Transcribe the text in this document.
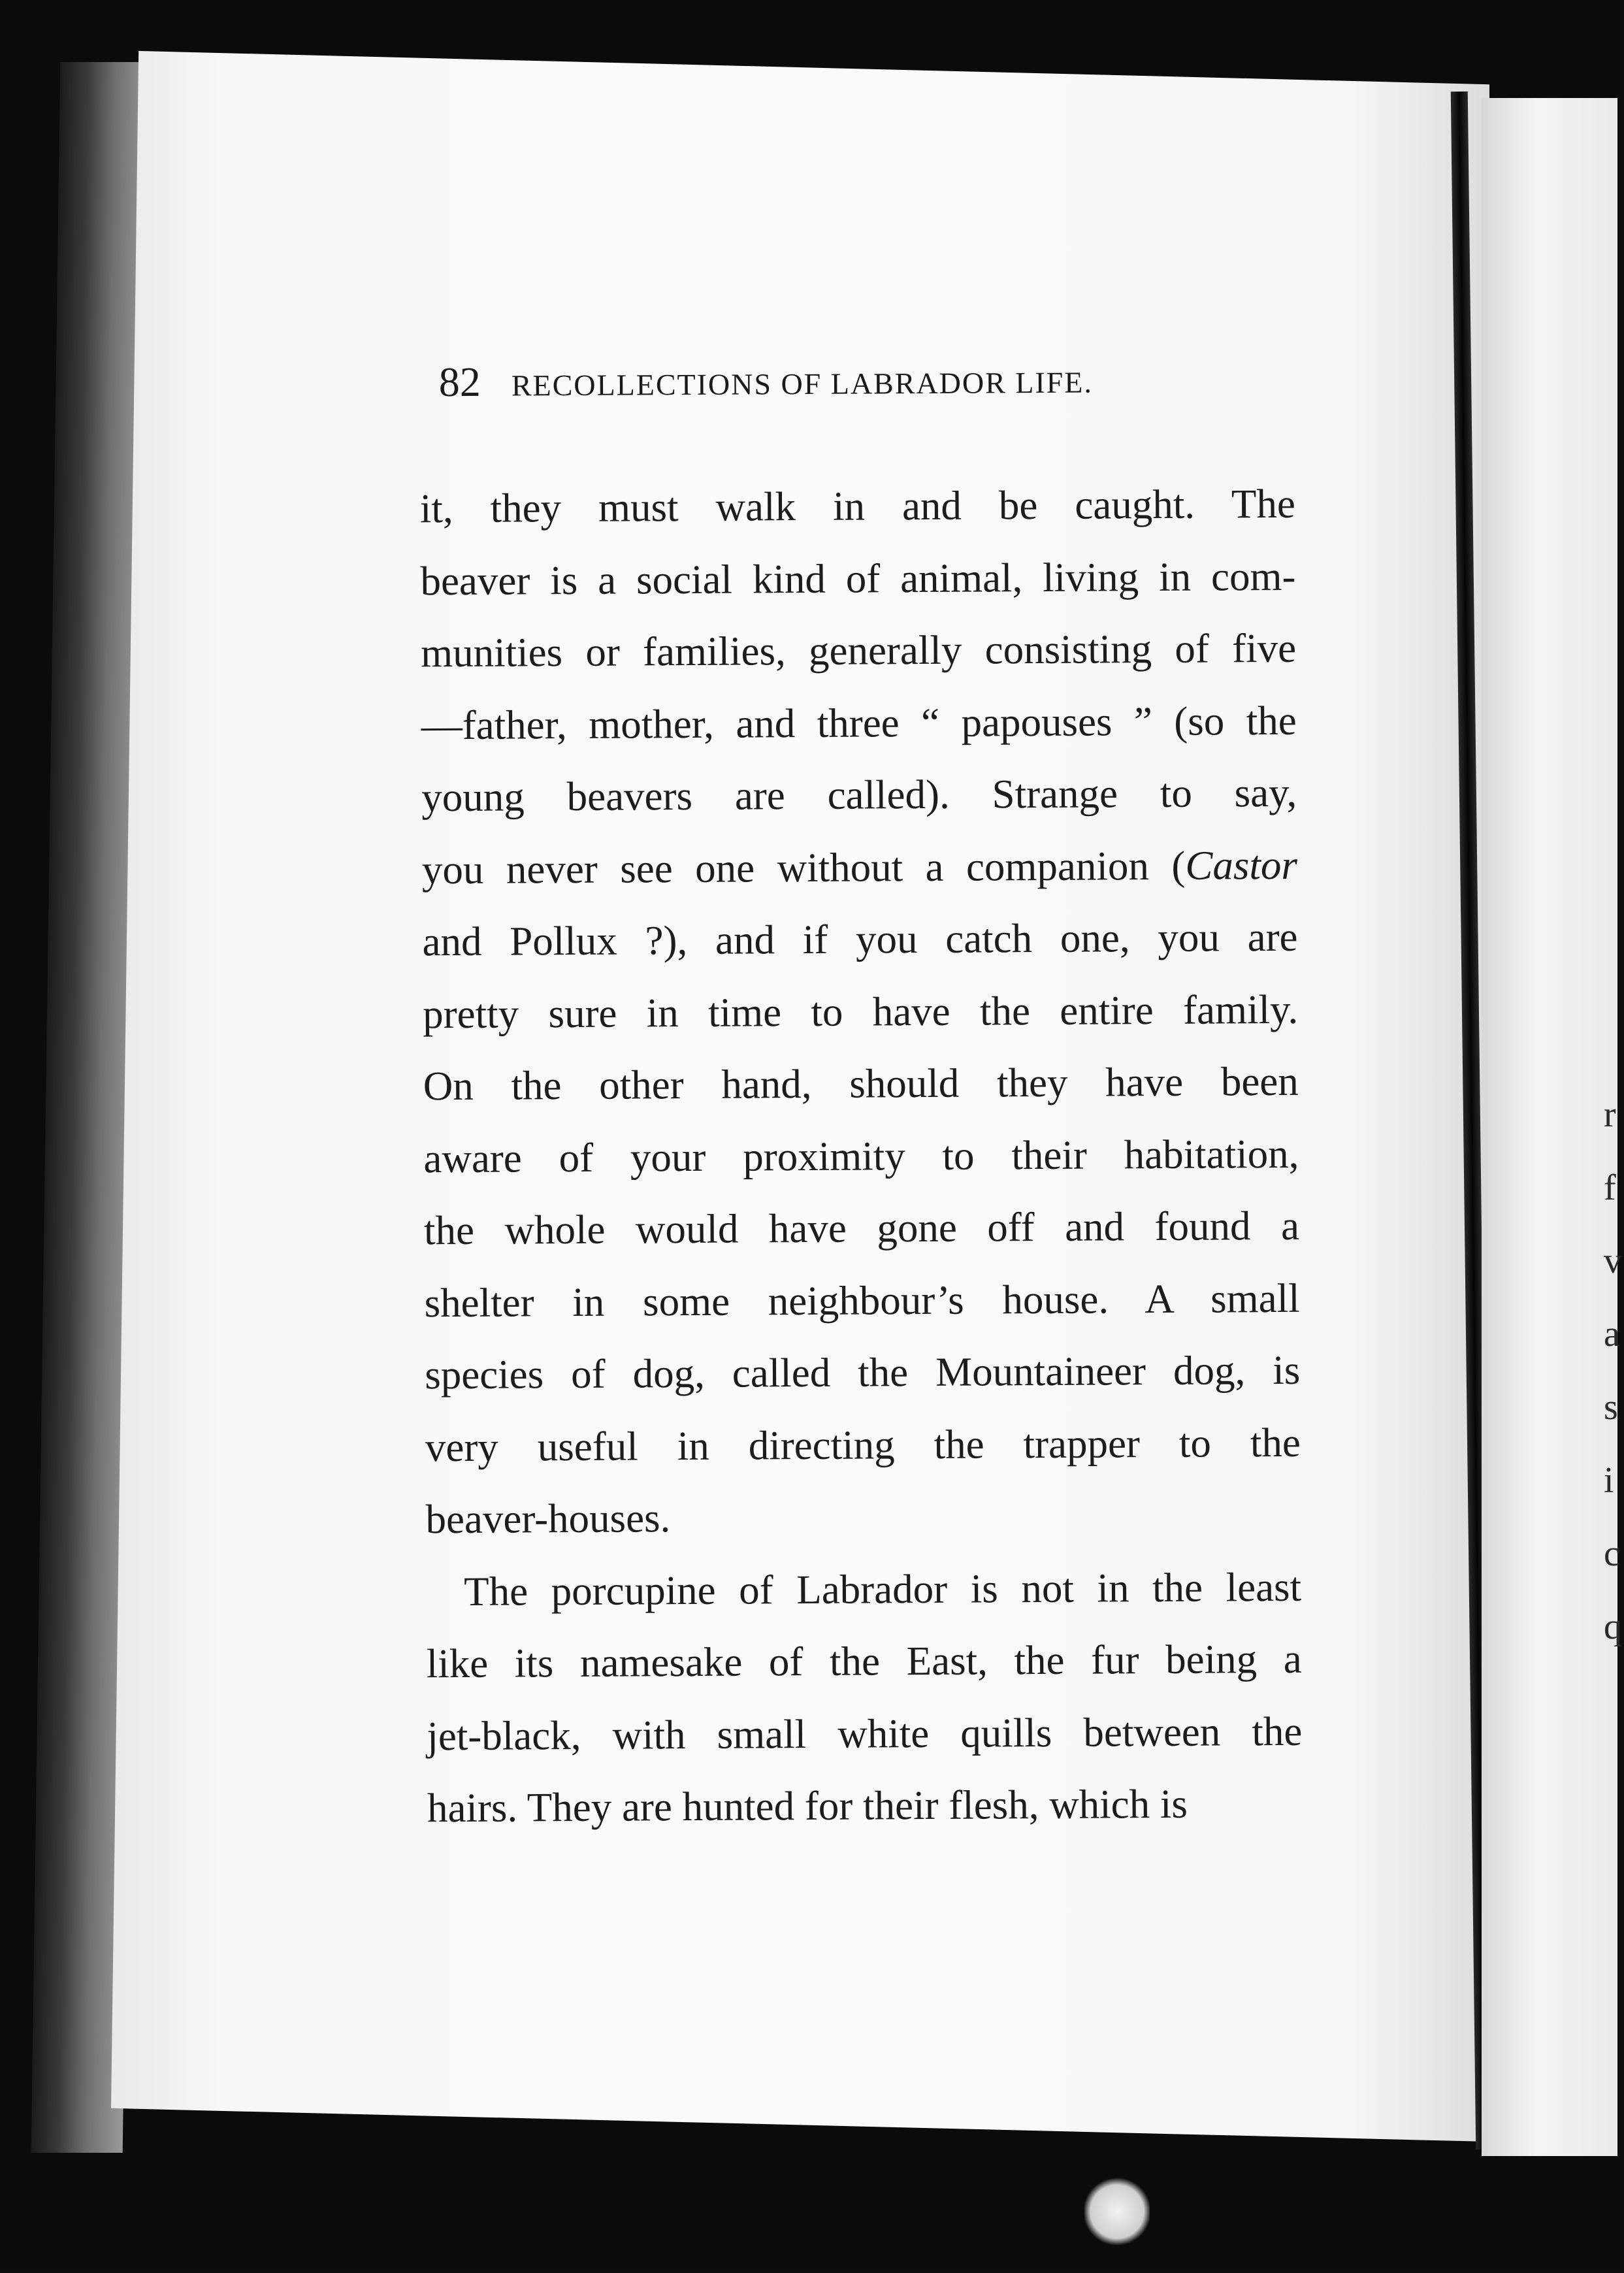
r
f
v
a
s
i
c
q
82 RECOLLECTIONS OF LABRADOR LIFE.
it, they must walk in and be caught. The
beaver is a social kind of animal, living in com-
munities or families, generally consisting of five
—father, mother, and three “ papouses ” (so the
young beavers are called). Strange to say,
you never see one without a companion (Castor
and Pollux ?), and if you catch one, you are
pretty sure in time to have the entire family.
On the other hand, should they have been
aware of your proximity to their habitation,
the whole would have gone off and found a
shelter in some neighbour’s house. A small
species of dog, called the Mountaineer dog, is
very useful in directing the trapper to the
beaver-houses.
The porcupine of Labrador is not in the least
like its namesake of the East, the fur being a
jet-black, with small white quills between the
hairs. They are hunted for their flesh, which is
